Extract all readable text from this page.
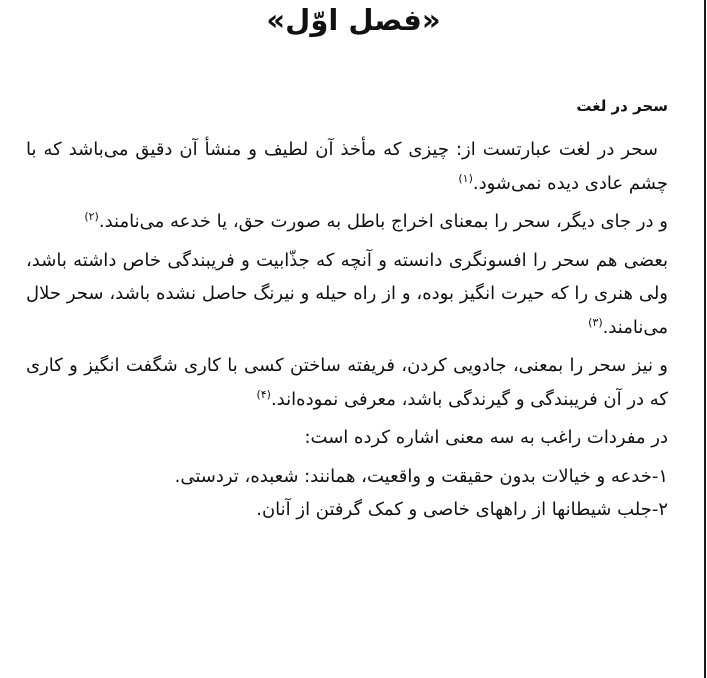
«فصل اوّل»
سحر در لغت

سحر در لغت عبارتست از: چیزی که مأخذ آن لطیف و منشأ آن دقیق می‌باشد که با چشم عادی دیده نمی‌شود.$^{(۱)}$

و در جای دیگر، سحر را بمعنای اخراج باطل به صورت حق، یا خدعه می‌نامند.$^{(۲)}$

بعضی هم سحر را افسونگری دانسته و آنچه که جذّابیت و فریبندگی خاص داشته باشد، ولی هنری را که حیرت انگیز بوده، و از راه حیله و نیرنگ حاصل نشده باشد، سحر حلال می‌نامند.$^{(۳)}$

و نیز سحر را بمعنی، جادویی کردن، فریفته ساختن کسی با کاری شگفت انگیز و کاری که در آن فریبندگی و گیرندگی باشد، معرفی نموده‌اند.$^{(۴)}$

در مفردات راغب به سه معنی اشاره کرده است:

۱-خدعه و خیالات بدون حقیقت و واقعیت، همانند: شعبده، تردستی.
۲-جلب شیطانها از راههای خاصی و کمک گرفتن از آنان.
